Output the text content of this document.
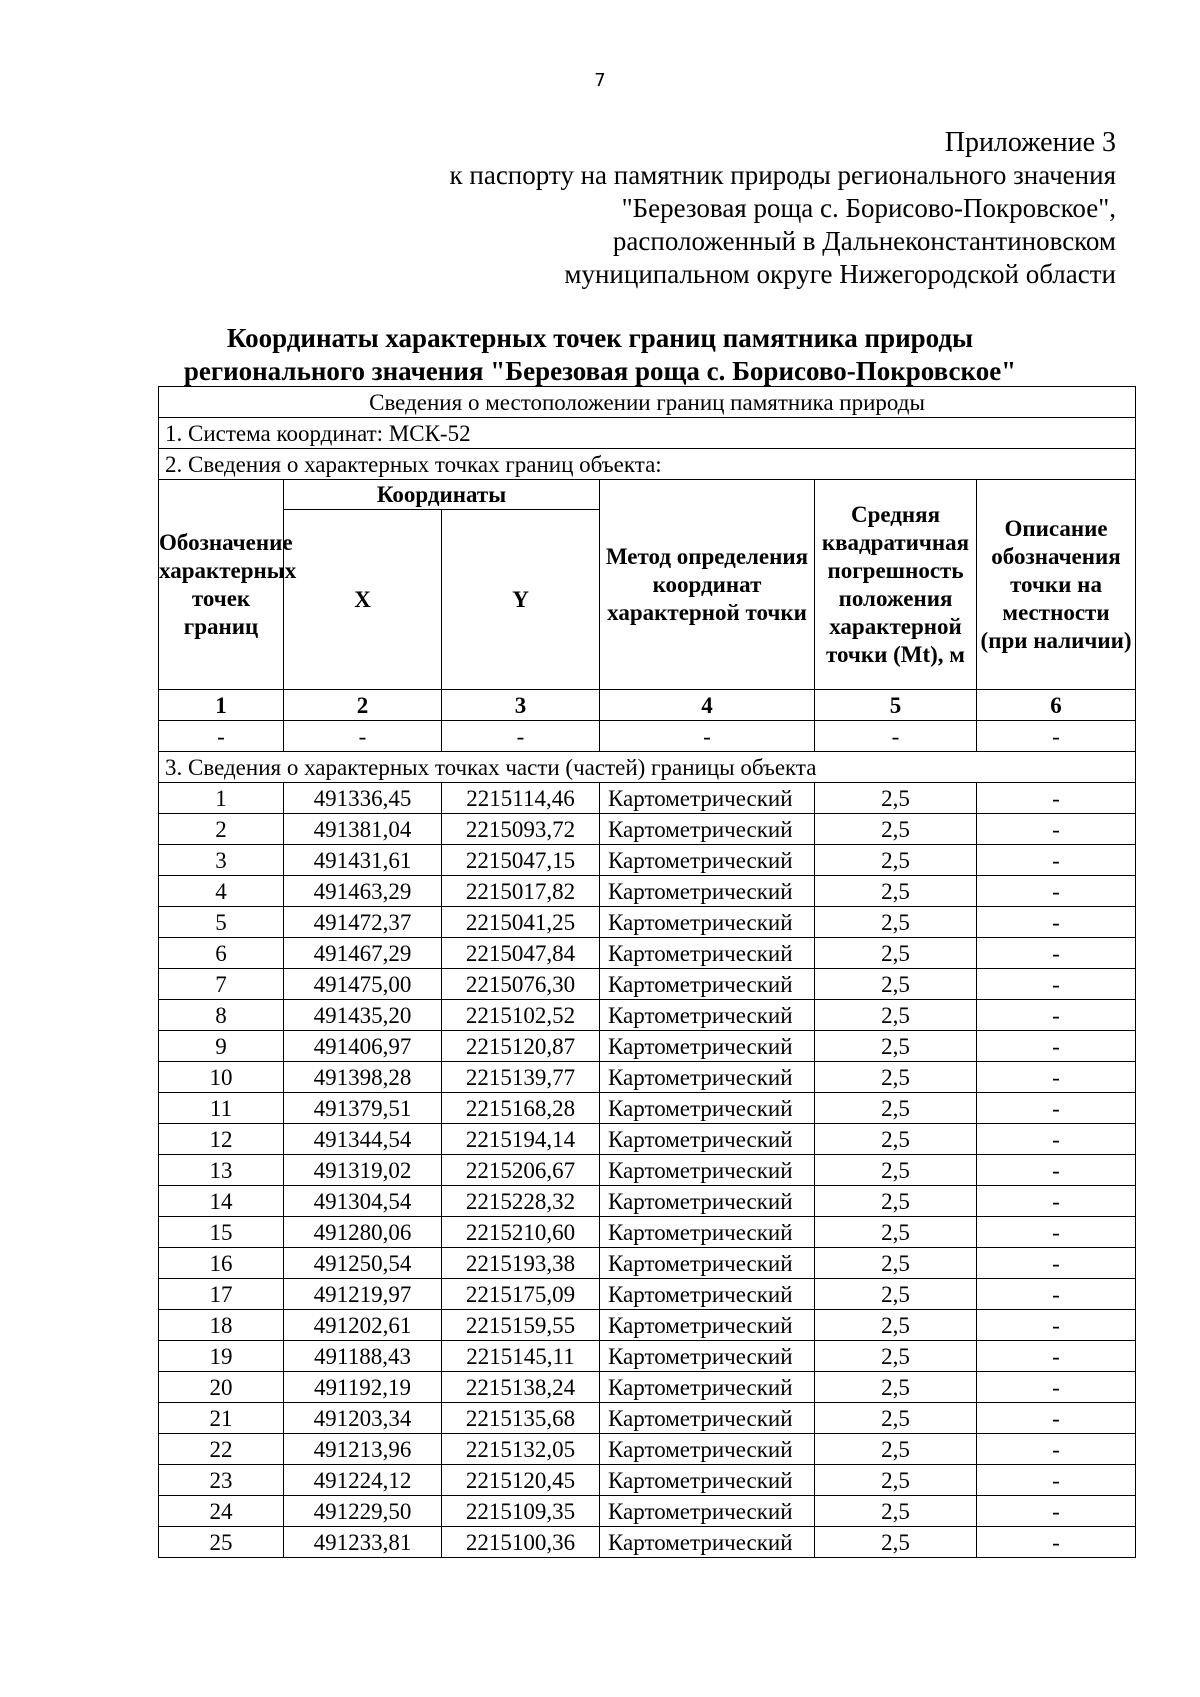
7
Приложение 3
к паспорту на памятник природы регионального значения
"Березовая роща с. Борисово-Покровское",
расположенный в Дальнеконстантиновском
муниципальном округе Нижегородской области
Координаты характерных точек границ памятника природы
регионального значения "Березовая роща с. Борисово-Покровское"
Сведения о местоположении границ памятника природы					
1. Система координат: МСК-52					
2. Сведения о характерных точках границ объекта:					
Обозначение характерных точек границ	Координаты		Метод определения координат характерной точки	Средняя квадратичная погрешность положения характерной точки (Mt), м	Описание обозначения точки на местности (при наличии)
	X	Y			
1	2	3	4	5	6
-	-	-	-	-	-
3. Сведения о характерных точках части (частей) границы объекта					
1	491336,45	2215114,46	Картометрический	2,5	-
2	491381,04	2215093,72	Картометрический	2,5	-
3	491431,61	2215047,15	Картометрический	2,5	-
4	491463,29	2215017,82	Картометрический	2,5	-
5	491472,37	2215041,25	Картометрический	2,5	-
6	491467,29	2215047,84	Картометрический	2,5	-
7	491475,00	2215076,30	Картометрический	2,5	-
8	491435,20	2215102,52	Картометрический	2,5	-
9	491406,97	2215120,87	Картометрический	2,5	-
10	491398,28	2215139,77	Картометрический	2,5	-
11	491379,51	2215168,28	Картометрический	2,5	-
12	491344,54	2215194,14	Картометрический	2,5	-
13	491319,02	2215206,67	Картометрический	2,5	-
14	491304,54	2215228,32	Картометрический	2,5	-
15	491280,06	2215210,60	Картометрический	2,5	-
16	491250,54	2215193,38	Картометрический	2,5	-
17	491219,97	2215175,09	Картометрический	2,5	-
18	491202,61	2215159,55	Картометрический	2,5	-
19	491188,43	2215145,11	Картометрический	2,5	-
20	491192,19	2215138,24	Картометрический	2,5	-
21	491203,34	2215135,68	Картометрический	2,5	-
22	491213,96	2215132,05	Картометрический	2,5	-
23	491224,12	2215120,45	Картометрический	2,5	-
24	491229,50	2215109,35	Картометрический	2,5	-
25	491233,81	2215100,36	Картометрический	2,5	-
